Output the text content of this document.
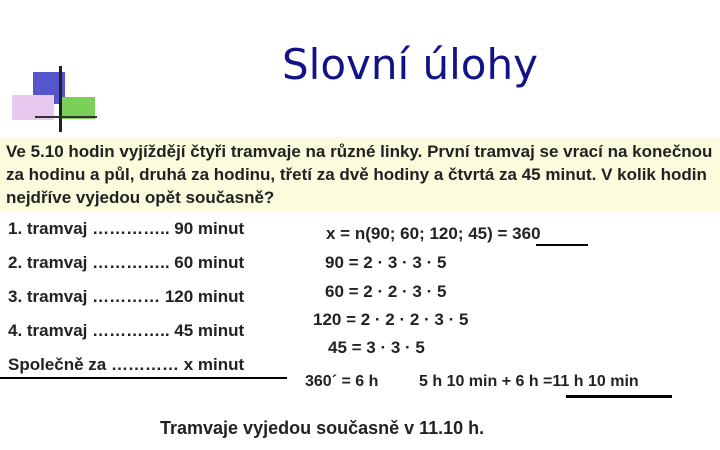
Slovní úlohy
Ve 5.10 hodin vyjíždějí čtyři tramvaje na různé linky. První tramvaj se vrací na konečnou za hodinu a půl, druhá za hodinu, třetí za dvě hodiny a čtvrtá za 45 minut. V kolik hodin nejdříve vyjedou opět současně?
1. tramvaj ………….. 90 minut
2. tramvaj ………….. 60 minut
3. tramvaj ………… 120 minut
4. tramvaj ………….. 45 minut
Společně za ………… x minut
x = n(90; 60; 120; 45) = 360
90 = 2 · 3 · 3 · 5
60 = 2 · 2 · 3 · 5
120 = 2 · 2 · 2 · 3 · 5
45 = 3 · 3 · 5
360´ = 6 h	5 h 10 min + 6 h =11 h 10 min
Tramvaje vyjedou současně v 11.10 h.
